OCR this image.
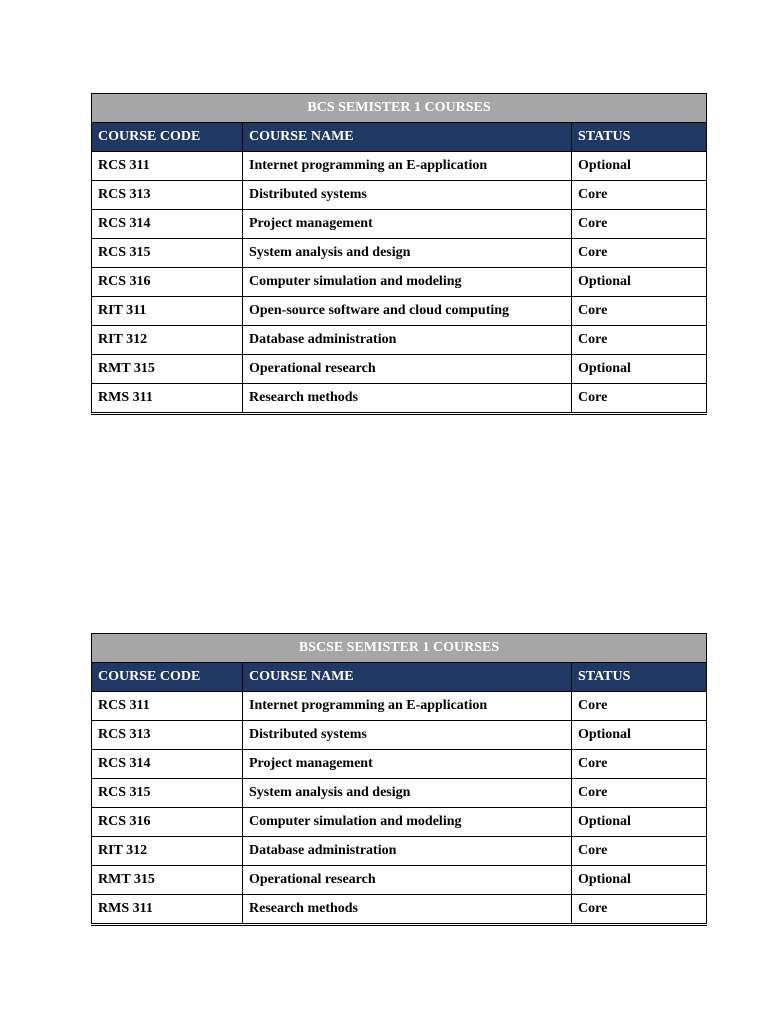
BCS SEMISTER 1 COURSES		
COURSE CODE	COURSE NAME	STATUS
RCS 311	Internet programming an E-application	Optional
RCS 313	Distributed systems	Core
RCS 314	Project management	Core
RCS 315	System analysis and design	Core
RCS 316	Computer simulation and modeling	Optional
RIT 311	Open-source software and cloud computing	Core
RIT 312	Database administration	Core
RMT 315	Operational research	Optional
RMS 311	Research methods	Core
BSCSE SEMISTER 1 COURSES		
COURSE CODE	COURSE NAME	STATUS
RCS 311	Internet programming an E-application	Core
RCS 313	Distributed systems	Optional
RCS 314	Project management	Core
RCS 315	System analysis and design	Core
RCS 316	Computer simulation and modeling	Optional
RIT 312	Database administration	Core
RMT 315	Operational research	Optional
RMS 311	Research methods	Core
